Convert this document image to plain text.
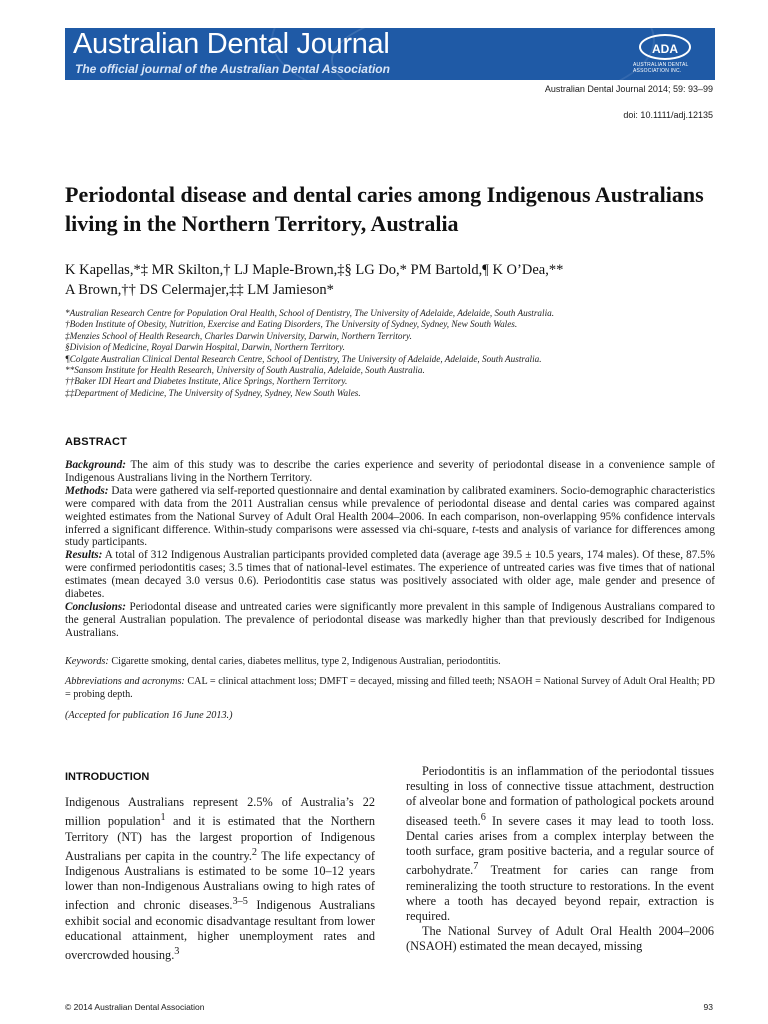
Australian Dental Journal
The official journal of the Australian Dental Association
ADA
AUSTRALIAN DENTAL ASSOCIATION INC.
Australian Dental Journal 2014; 59: 93–99
doi: 10.1111/adj.12135
Periodontal disease and dental caries among Indigenous Australians living in the Northern Territory, Australia
K Kapellas,*‡ MR Skilton,† LJ Maple-Brown,‡§ LG Do,* PM Bartold,¶ K O’Dea,**
A Brown,†† DS Celermajer,‡‡ LM Jamieson*
*Australian Research Centre for Population Oral Health, School of Dentistry, The University of Adelaide, Adelaide, South Australia.
†Boden Institute of Obesity, Nutrition, Exercise and Eating Disorders, The University of Sydney, Sydney, New South Wales.
‡Menzies School of Health Research, Charles Darwin University, Darwin, Northern Territory.
§Division of Medicine, Royal Darwin Hospital, Darwin, Northern Territory.
¶Colgate Australian Clinical Dental Research Centre, School of Dentistry, The University of Adelaide, Adelaide, South Australia.
**Sansom Institute for Health Research, University of South Australia, Adelaide, South Australia.
††Baker IDI Heart and Diabetes Institute, Alice Springs, Northern Territory.
‡‡Department of Medicine, The University of Sydney, Sydney, New South Wales.
ABSTRACT

Background: The aim of this study was to describe the caries experience and severity of periodontal disease in a convenience sample of Indigenous Australians living in the Northern Territory.

Methods: Data were gathered via self-reported questionnaire and dental examination by calibrated examiners. Socio-demographic characteristics were compared with data from the 2011 Australian census while prevalence of periodontal disease and dental caries was compared against weighted estimates from the National Survey of Adult Oral Health 2004–2006. In each comparison, non-overlapping 95% confidence intervals inferred a significant difference. Within-study comparisons were assessed via chi-square, t-tests and analysis of variance for differences among study participants.

Results: A total of 312 Indigenous Australian participants provided completed data (average age 39.5 ± 10.5 years, 174 males). Of these, 87.5% were confirmed periodontitis cases; 3.5 times that of national-level estimates. The experience of untreated caries was five times that of national estimates (mean decayed 3.0 versus 0.6). Periodontitis case status was positively associated with older age, male gender and presence of diabetes.

Conclusions: Periodontal disease and untreated caries were significantly more prevalent in this sample of Indigenous Australians compared to the general Australian population. The prevalence of periodontal disease was markedly higher than that previously described for Indigenous Australians.

Keywords: Cigarette smoking, dental caries, diabetes mellitus, type 2, Indigenous Australian, periodontitis.
Abbreviations and acronyms: CAL = clinical attachment loss; DMFT = decayed, missing and filled teeth; NSAOH = National Survey of Adult Oral Health; PD = probing depth.
(Accepted for publication 16 June 2013.)
INTRODUCTION

Indigenous Australians represent 2.5% of Australia’s 22 million population$^1$ and it is estimated that the Northern Territory (NT) has the largest proportion of Indigenous Australians per capita in the country.$^2$ The life expectancy of Indigenous Australians is estimated to be some 10–12 years lower than non-Indigenous Australians owing to high rates of infection and chronic diseases.$^{3-5}$ Indigenous Australians exhibit social and economic disadvantage resultant from lower educational attainment, higher unemployment rates and overcrowded housing.$^3$

Periodontitis is an inflammation of the periodontal tissues resulting in loss of connective tissue attachment, destruction of alveolar bone and formation of pathological pockets around diseased teeth.$^6$ In severe cases it may lead to tooth loss. Dental caries arises from a complex interplay between the tooth surface, gram positive bacteria, and a regular source of carbohydrate.$^7$ Treatment for caries can range from remineralizing the tooth structure to restorations. In the event where a tooth has decayed beyond repair, extraction is required.

The National Survey of Adult Oral Health 2004–2006 (NSAOH) estimated the mean decayed, missing

© 2014 Australian Dental Association	93
